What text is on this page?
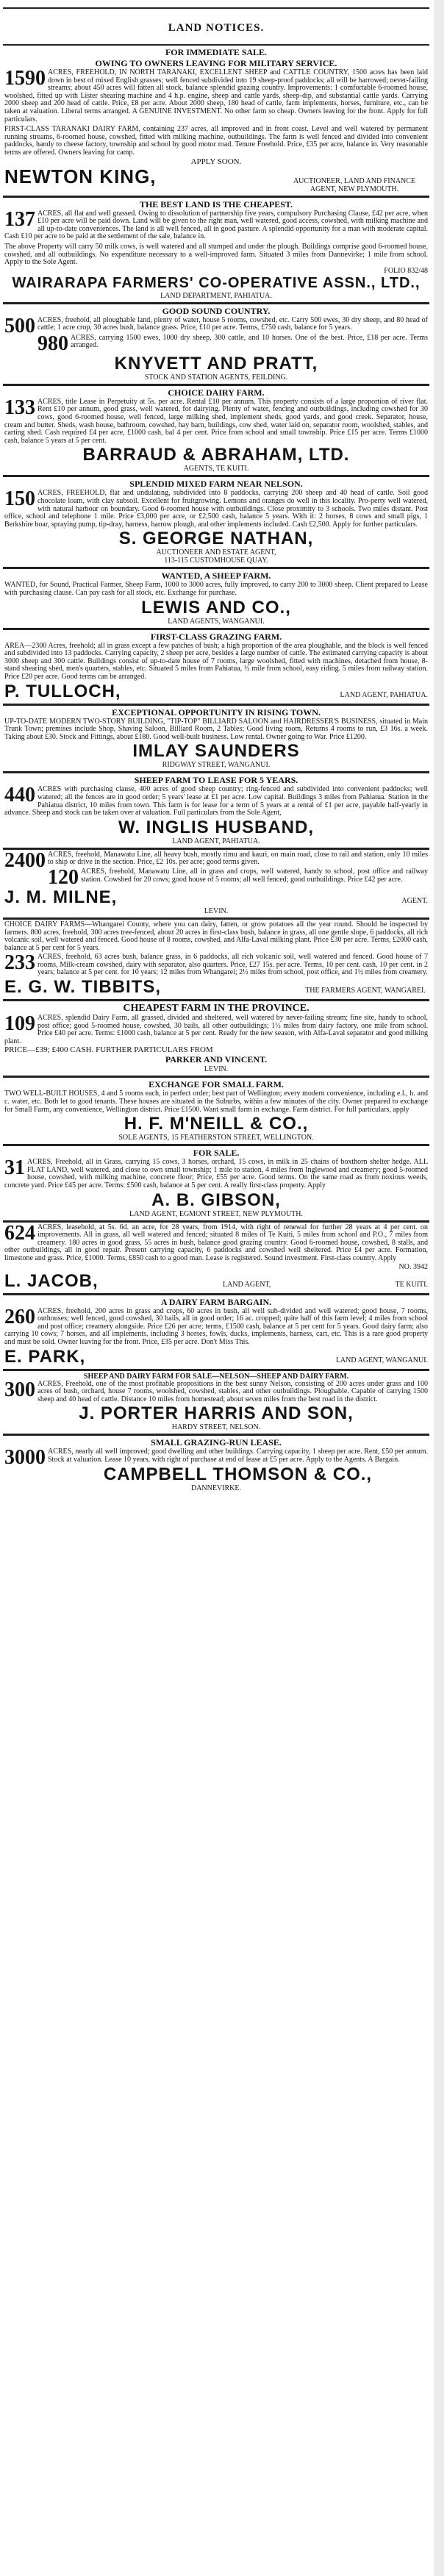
LAND NOTICES.
FOR IMMEDIATE SALE.
OWING TO OWNERS LEAVING FOR MILITARY SERVICE.

1590 ACRES, FREEHOLD, IN NORTH TARANAKI, EXCELLENT SHEEP and CATTLE COUNTRY, 1500 acres has been laid down in best of mixed English grasses; well fenced subdivided into 19 sheep-proof paddocks; all will be harrowed; never-failing streams; about 450 acres will fatten all stock, balance splendid grazing country. Improvements: 1 comfortable 6-roomed house, woolshed, fitted up with Lister shearing machine and 4 h.p. engine, sheep and cattle yards, sheep-dip, and substantial cattle yards. Carrying 2000 sheep and 200 head of cattle. Price, £8 per acre. About 2000 sheep, 180 head of cattle, farm implements, horses, furniture, etc., can be taken at valuation. Liberal terms arranged. A GENUINE INVESTMENT. No other farm so cheap. Owners leaving for the front. Apply for full particulars.

FIRST-CLASS TARANAKI DAIRY FARM, containing 237 acres, all improved and in front coast. Level and well watered by permanent running streams, 6-roomed house, cowshed, fitted with milking machine, outbuildings. The farm is well fenced and divided into convenient paddocks, handy to cheese factory, township and school by good motor road. Tenure Freehold. Price, £35 per acre, balance in. Very reasonable terms are offered. Owners leaving for camp.

APPLY SOON.
NEWTON KING,	AUCTIONEER, LAND AND FINANCE AGENT, NEW PLYMOUTH.
THE BEST LAND IS THE CHEAPEST.

137 ACRES, all flat and well grassed. Owing to dissolution of partnership five years, compulsory Purchasing Clause, £42 per acre, when £10 per acre will be paid down. Land will be given to the right man, well watered, good access, cowshed, with milking machine and all up-to-date conveniences. The land is all well fenced, all in good pasture. A splendid opportunity for a man with moderate capital. Cash £10 per acre to be paid at the settlement of the sale, balance in.

The above Property will carry 50 milk cows, is well watered and all stumped and under the plough. Buildings comprise good 6-roomed house, cowshed, and all outbuildings. No expenditure necessary to a well-improved farm. Situated 3 miles from Dannevirke; 1 mile from school. Apply to the Sole Agent.

FOLIO 832/48
WAIRARAPA FARMERS' CO-OPERATIVE ASSN., LTD.,
LAND DEPARTMENT, PAHIATUA.
GOOD SOUND COUNTRY.

500 ACRES, freehold, all ploughable land, plenty of water, house 5 rooms, cowshed, etc. Carry 500 ewes, 30 dry sheep, and 80 head of cattle; 1 acre crop, 30 acres bush, balance grass. Price, £10 per acre. Terms, £750 cash, balance for 5 years.

980 ACRES, carrying 1500 ewes, 1000 dry sheep, 300 cattle, and 10 horses. One of the best. Price, £18 per acre. Terms arranged.

KNYVETT AND PRATT,
STOCK AND STATION AGENTS, FEILDING.
CHOICE DAIRY FARM.

133 ACRES, title Lease in Perpetuity at 5s. per acre. Rental £10 per annum. This property consists of a large proportion of river flat. Rent £10 per annum, good grass, well watered, for dairying. Plenty of water, fencing and outbuildings, including cowshed for 30 cows, good 6-roomed house, well fenced, large milking shed, implement sheds, good yards, and good creek. Separator, house, cream and butter. Sheds, wash house, bathroom, cowshed, hay barn, buildings, cow shed, water laid on, separator room, woolshed, stables, and carting shed. Cash required £4 per acre, £1000 cash, bal 4 per cent. Price from school and small township. Price £15 per acre. Terms £1000 cash, balance 5 years at 5 per cent.

BARRAUD & ABRAHAM, LTD.
AGENTS, TE KUITI.
SPLENDID MIXED FARM NEAR NELSON.

150 ACRES, FREEHOLD, flat and undulating, subdivided into 8 paddocks, carrying 200 sheep and 40 head of cattle. Soil good chocolate loam, with clay subsoil. Excellent for fruitgrowing. Lemons and oranges do well in this locality. Pro-perty well watered, with natural harbour on boundary. Good 6-roomed house with outbuildings. Close proximity to 3 schools. Two miles distant. Post office, school and telephone 1 mile. Price £3,000 per acre, or £2,500 cash, balance 5 years. With it: 2 horses, 8 cows and small pigs, 1 Berkshire boar, spraying pump, tip-dray, harness, harrow plough, and other implements included. Cash £2,500. Apply for further particulars.

S. GEORGE NATHAN,
AUCTIONEER AND ESTATE AGENT,
113-115 CUSTOMHOUSE QUAY.
WANTED, A SHEEP FARM.

WANTED, for Sound, Practical Farmer, Sheep Farm, 1000 to 3000 acres, fully improved, to carry 200 to 3000 sheep. Client prepared to Lease with purchasing clause. Can pay cash for all stock, etc. Exchange for purchase.

LEWIS AND CO.,
LAND AGENTS, WANGANUI.
FIRST-CLASS GRAZING FARM.

AREA—2300 Acres, freehold; all in grass except a few patches of bush; a high proportion of the area ploughable, and the block is well fenced and subdivided into 13 paddocks. Carrying capacity, 2 sheep per acre, besides a large number of cattle. The estimated carrying capacity is about 3000 sheep and 300 cattle. Buildings consist of up-to-date house of 7 rooms, large woolshed, fitted with machines, detached from house, 8-stand shearing shed, men's quarters, stables, etc. Situated 5 miles from Pahiatua, ½ mile from school, easy riding. 5 miles from railway station. Price £20 per acre. Good terms can be arranged.

P. TULLOCH,	LAND AGENT, PAHIATUA.
EXCEPTIONAL OPPORTUNITY IN RISING TOWN.

UP-TO-DATE MODERN TWO-STORY BUILDING, "TIP-TOP" BILLIARD SALOON and HAIRDRESSER'S BUSINESS, situated in Main Trunk Town; premises include Shop, Shaving Saloon, Billiard Room, 2 Tables; Good living room, Returns 4 rooms to run, £3 16s. a week. Taking about £30. Stock and Fittings, about £180. Good well-built business. Low rental. Owner going to War. Price £1200.

IMLAY SAUNDERS
RIDGWAY STREET, WANGANUI.
SHEEP FARM TO LEASE FOR 5 YEARS.

440 ACRES with purchasing clause, 400 acres of good sheep country; ring-fenced and subdivided into convenient paddocks; well watered; all the fences are in good order; 5 years' lease at £1 per acre. Low capital. Buildings 3 miles from Pahiatua. Station in the Pahiatua district, 10 miles from town. This farm is for lease for a term of 5 years at a rental of £1 per acre, payable half-yearly in advance. Sheep and stock can be taken over at valuation. Full particulars from the Sole Agent,

W. INGLIS HUSBAND,
LAND AGENT, PAHIATUA.

2400 ACRES, freehold, Manawatu Line, all heavy bush, mostly rimu and kauri, on main road, close to rail and station, only 10 miles to ship or drive in the section. Price, £2 10s. per acre; good terms given.

120 ACRES, freehold, Manawatu Line, all in grass and crops, well watered, handy to school, post office and railway station. Cowshed for 20 cows; good house of 5 rooms; all well fenced; good outbuildings. Price £42 per acre.

J. M. MILNE,	AGENT.
LEVIN.

CHOICE DAIRY FARMS—Whangarei County, where you can dairy, fatten, or grow potatoes all the year round. Should be inspected by farmers. 800 acres, freehold, 300 acres tree-fenced, about 20 acres in first-class bush, balance in grass, all one gentle slope, 6 paddocks, all rich volcanic soil, well watered and fenced. Good house of 8 rooms, cowshed, and Alfa-Laval milking plant. Price £30 per acre. Terms, £2000 cash, balance at 5 per cent for 5 years.

233 ACRES, freehold, 63 acres bush, balance grass, in 6 paddocks, all rich volcanic soil, well watered and fenced. Good house of 7 rooms, Milk-cream cowshed, dairy with separator, also quarters. Price, £27 15s. per acre. Terms, 10 per cent. cash, 10 per cent. in 2 years; balance at 5 per cent. for 10 years; 12 miles from Whangarei; 2½ miles from school, post office, and 1½ miles from creamery.

E. G. W. TIBBITS,	THE FARMERS AGENT, WANGAREI.
CHEAPEST FARM IN THE PROVINCE.

109 ACRES, splendid Dairy Farm, all grassed, divided and sheltered, well watered by never-failing stream; fine site, handy to school, post office; good 5-roomed house, cowshed, 30 bails, all other outbuildings; 1½ miles from dairy factory, one mile from school. Price £40 per acre. Terms: £1000 cash, balance at 5 per cent. Ready for the new season, with Alfa-Laval separator and good milking plant.

PRICE—£39; £400 CASH. FURTHER PARTICULARS FROM
PARKER AND VINCENT.
LEVIN.
EXCHANGE FOR SMALL FARM.

TWO WELL-BUILT HOUSES, 4 and 5 rooms each, in perfect order; best part of Wellington; every modern convenience, including e.l., h. and c. water, etc. Both let to good tenants. These houses are situated in the Suburbs, within a few minutes of the city. Owner prepared to exchange for Small Farm, any convenience, Wellington district. Price £1500. Want small farm in exchange. Farm district. For full particulars, apply

H. F. M'NEILL & CO.,
SOLE AGENTS, 15 FEATHERSTON STREET, WELLINGTON.
FOR SALE.

31 ACRES, Freehold, all in Grass, carrying 15 cows, 3 horses, orchard, 15 cows, in milk in 25 chains of boxthorn shelter hedge. ALL FLAT LAND, well watered, and close to own small township; 1 mile to station, 4 miles from Inglewood and creamery; good 5-roomed house, cowshed, with milking machine, concrete floor; Price, £55 per acre. Good terms. On the same road as from noxious weeds, concrete yard. Price £45 per acre. Terms: £500 cash, balance at 5 per cent. A really first-class property. Apply

A. B. GIBSON,
LAND AGENT, EGMONT STREET, NEW PLYMOUTH.

624 ACRES, leasehold, at 5s. 6d. an acre, for 28 years, from 1914, with right of renewal for further 28 years at 4 per cent. on improvements. All in grass, all well watered and fenced; situated 8 miles of Te Kuiti, 5 miles from school and P.O., 7 miles from creamery. 180 acres in good grass, 55 acres in bush, balance good grazing country. Good 6-roomed house, cowshed, 8 stalls, and other outbuildings, all in good repair. Present carrying capacity, 6 paddocks and cowshed well sheltered. Price £4 per acre. Formation, limestone and grass. Price, £1000. Terms, £850 cash to a good man. Lease is registered. Sound investment. First-class country. Apply

NO. 3942
L. JACOB,	LAND AGENT,	TE KUITI.
A DAIRY FARM BARGAIN.

260 ACRES, freehold, 200 acres in grass and crops, 60 acres in bush, all well sub-divided and well watered; good house, 7 rooms, outhouses; well fenced, good cowshed, 30 bails, all in good order; 16 ac. cropped; quite half of this farm level; 4 miles from school and post office; creamery alongside. Price £26 per acre; terms, £1500 cash, balance at 5 per cent for 5 years. Good dairy farm; also carrying 10 cows; 7 horses, and all implements, including 3 horses, fowls, ducks, implements, harness, cart, etc. This is a rare good property and must be sold. Owner leaving for the front. Price, £35 per acre. Don't Miss This.

E. PARK,	LAND AGENT, WANGANUI.
SHEEP AND DAIRY FARM FOR SALE—NELSON—SHEEP AND DAIRY FARM.

300 ACRES, Freehold, one of the most profitable propositions in the best sunny Nelson, consisting of 200 acres under grass and 100 acres of bush, orchard, house 7 rooms, woolshed, cowshed, stables, and other outbuildings. Ploughable. Capable of carrying 1500 sheep and 40 head of cattle. Distance 10 miles from homestead; about seven miles from the best road in the district.

J. PORTER HARRIS AND SON,
HARDY STREET, NELSON.
SMALL GRAZING-RUN LEASE.

3000 ACRES, nearly all well improved; good dwelling and other buildings. Carrying capacity, 1 sheep per acre. Rent, £50 per annum. Stock at valuation. Lease 10 years, with right of purchase at end of lease at £5 per acre. Apply to the Agents. A Bargain.

CAMPBELL THOMSON & CO.,
DANNEVIRKE.
